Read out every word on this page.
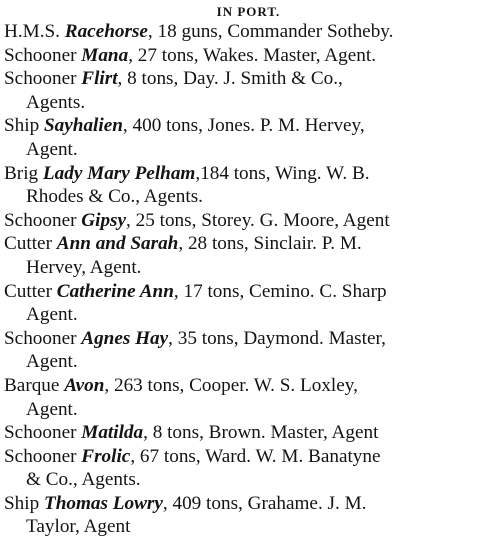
IN PORT.
H.M.S. Racehorse, 18 guns, Commander Sotheby.
Schooner Mana, 27 tons, Wakes. Master, Agent.
Schooner Flirt, 8 tons, Day. J. Smith & Co.,
Agents.
Ship Sayhalien, 400 tons, Jones. P. M. Hervey,
Agent.
Brig Lady Mary Pelham,184 tons, Wing. W. B.
Rhodes & Co., Agents.
Schooner Gipsy, 25 tons, Storey. G. Moore, Agent
Cutter Ann and Sarah, 28 tons, Sinclair. P. M.
Hervey, Agent.
Cutter Catherine Ann, 17 tons, Cemino. C. Sharp
Agent.
Schooner Agnes Hay, 35 tons, Daymond. Master,
Agent.
Barque Avon, 263 tons, Cooper. W. S. Loxley,
Agent.
Schooner Matilda, 8 tons, Brown. Master, Agent
Schooner Frolic, 67 tons, Ward. W. M. Banatyne
& Co., Agents.
Ship Thomas Lowry, 409 tons, Grahame. J. M.
Taylor, Agent
